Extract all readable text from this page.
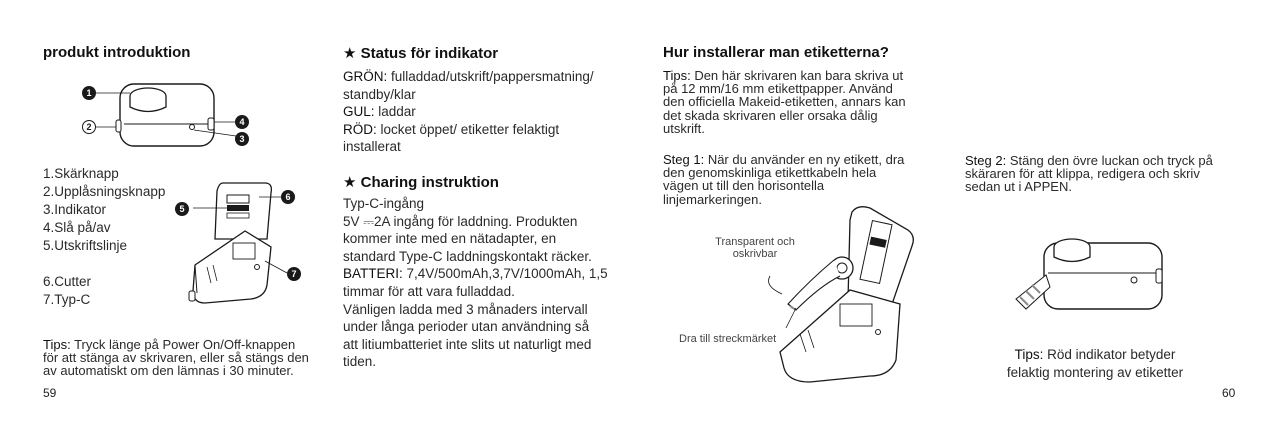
produkt introduktion
1
2	4
3
1.Skärknapp
2.Upplåsningsknapp
3.Indikator
4.Slå på/av
5.Utskriftslinje
6.Cutter
7.Typ-C
5
6
7
Tips: Tryck länge på Power On/Off-knappen
för att stänga av skrivaren, eller så stängs den
av automatiskt om den lämnas i 30 minuter.
59
★ Status för indikator
GRÖN: fulladdad/utskrift/pappersmatning/
standby/klar
GUL: laddar
RÖD: locket öppet/ etiketter felaktigt
installerat
★ Charing instruktion
Typ-C-ingång
5V ⎓2A ingång för laddning. Produkten
kommer inte med en nätadapter, en
standard Type-C laddningskontakt räcker.
BATTERI: 7,4V/500mAh,3,7V/1000mAh, 1,5
timmar för att vara fulladdad.
Vänligen ladda med 3 månaders intervall
under långa perioder utan användning så
att litiumbatteriet inte slits ut naturligt med
tiden.
Hur installerar man etiketterna?
Tips: Den här skrivaren kan bara skriva ut
på 12 mm/16 mm etikettpapper. Använd
den officiella Makeid-etiketten, annars kan
det skada skrivaren eller orsaka dålig
utskrift.
Steg 1: När du använder en ny etikett, dra
den genomskinliga etikettkabeln hela
vägen ut till den horisontella
linjemarkeringen.
Transparent och
oskrivbar
Dra till streckmärket
Steg 2: Stäng den övre luckan och tryck på
skäraren för att klippa, redigera och skriv
sedan ut i APPEN.
Tips: Röd indikator betyder
felaktig montering av etiketter
60
